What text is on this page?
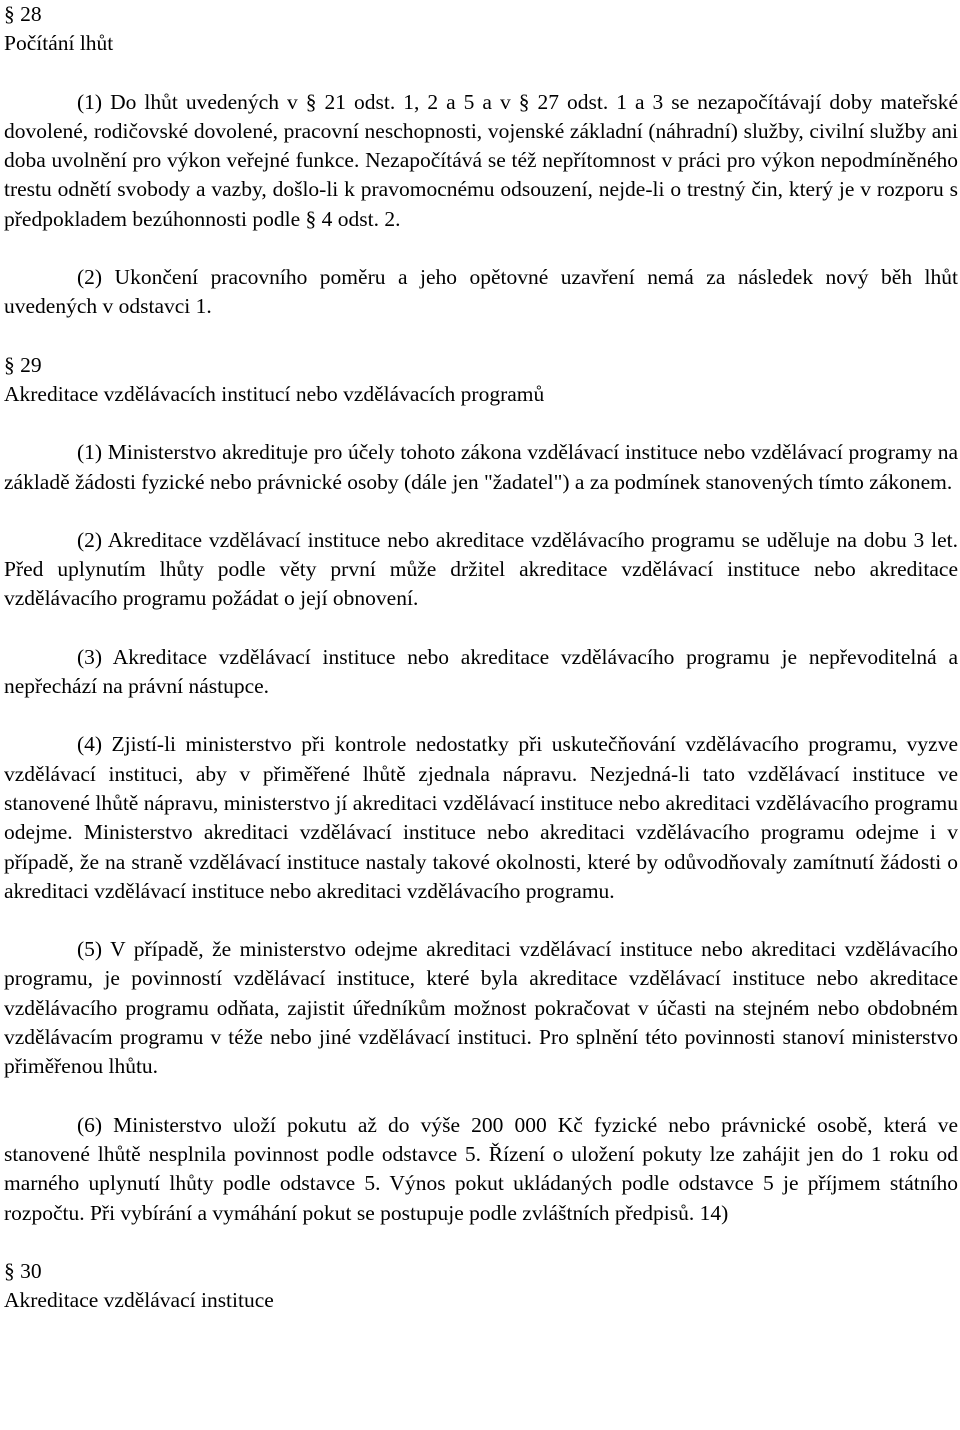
§ 28
Počítání lhůt

(1) Do lhůt uvedených v § 21 odst. 1, 2 a 5 a v § 27 odst. 1 a 3 se nezapočítávají doby mateřské dovolené, rodičovské dovolené, pracovní neschopnosti, vojenské základní (náhradní) služby, civilní služby ani doba uvolnění pro výkon veřejné funkce. Nezapočítává se též nepřítomnost v práci pro výkon nepodmíněného trestu odnětí svobody a vazby, došlo-li k pravomocnému odsouzení, nejde-li o trestný čin, který je v rozporu s předpokladem bezúhonnosti podle § 4 odst. 2.

(2) Ukončení pracovního poměru a jeho opětovné uzavření nemá za následek nový běh lhůt uvedených v odstavci 1.

§ 29
Akreditace vzdělávacích institucí nebo vzdělávacích programů

(1) Ministerstvo akredituje pro účely tohoto zákona vzdělávací instituce nebo vzdělávací programy na základě žádosti fyzické nebo právnické osoby (dále jen "žadatel") a za podmínek stanovených tímto zákonem.

(2) Akreditace vzdělávací instituce nebo akreditace vzdělávacího programu se uděluje na dobu 3 let. Před uplynutím lhůty podle věty první může držitel akreditace vzdělávací instituce nebo akreditace vzdělávacího programu požádat o její obnovení.

(3) Akreditace vzdělávací instituce nebo akreditace vzdělávacího programu je nepřevoditelná a nepřechází na právní nástupce.

(4) Zjistí-li ministerstvo při kontrole nedostatky při uskutečňování vzdělávacího programu, vyzve vzdělávací instituci, aby v přiměřené lhůtě zjednala nápravu. Nezjedná-li tato vzdělávací instituce ve stanovené lhůtě nápravu, ministerstvo jí akreditaci vzdělávací instituce nebo akreditaci vzdělávacího programu odejme. Ministerstvo akreditaci vzdělávací instituce nebo akreditaci vzdělávacího programu odejme i v případě, že na straně vzdělávací instituce nastaly takové okolnosti, které by odůvodňovaly zamítnutí žádosti o akreditaci vzdělávací instituce nebo akreditaci vzdělávacího programu.

(5) V případě, že ministerstvo odejme akreditaci vzdělávací instituce nebo akreditaci vzdělávacího programu, je povinností vzdělávací instituce, které byla akreditace vzdělávací instituce nebo akreditace vzdělávacího programu odňata, zajistit úředníkům možnost pokračovat v účasti na stejném nebo obdobném vzdělávacím programu v téže nebo jiné vzdělávací instituci. Pro splnění této povinnosti stanoví ministerstvo přiměřenou lhůtu.

(6) Ministerstvo uloží pokutu až do výše 200 000 Kč fyzické nebo právnické osobě, která ve stanovené lhůtě nesplnila povinnost podle odstavce 5. Řízení o uložení pokuty lze zahájit jen do 1 roku od marného uplynutí lhůty podle odstavce 5. Výnos pokut ukládaných podle odstavce 5 je příjmem státního rozpočtu. Při vybírání a vymáhání pokut se postupuje podle zvláštních předpisů. 14)

§ 30
Akreditace vzdělávací instituce
